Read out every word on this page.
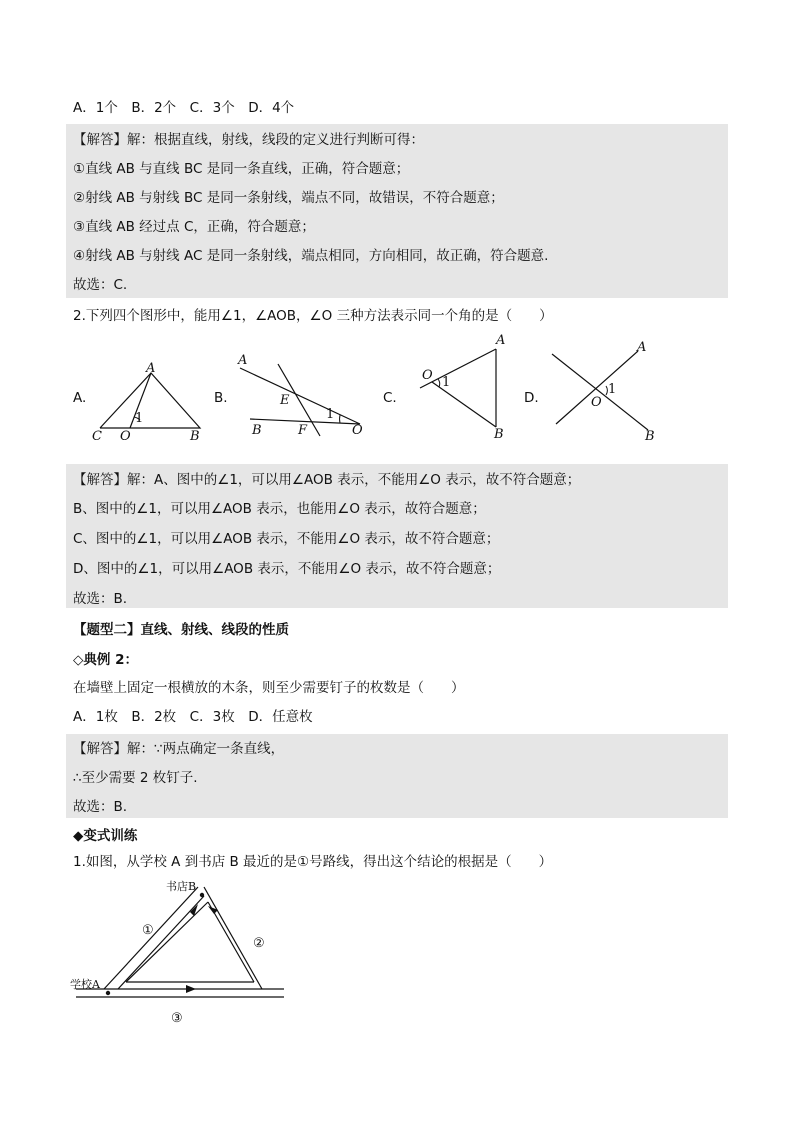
A．1个　B．2个　C．3个　D．4个
【解答】解：根据直线，射线，线段的定义进行判断可得：
①直线 AB 与直线 BC 是同一条直线，正确，符合题意；
②射线 AB 与射线 BC 是同一条射线，端点不同，故错误，不符合题意；
③直线 AB 经过点 C，正确，符合题意；
④射线 AB 与射线 AC 是同一条射线，端点相同，方向相同，故正确，符合题意.
故选：C.
2.下列四个图形中，能用∠1，∠AOB，∠O 三种方法表示同一个角的是（　　）
A.
A
C O	B
1
B.
A
E
B	F	O
1
C.
O
A
B
1
D.
A
O
B
1
【解答】解：A、图中的∠1，可以用∠AOB 表示，不能用∠O 表示，故不符合题意；
B、图中的∠1，可以用∠AOB 表示，也能用∠O 表示，故符合题意；
C、图中的∠1，可以用∠AOB 表示，不能用∠O 表示，故不符合题意；
D、图中的∠1，可以用∠AOB 表示，不能用∠O 表示，故不符合题意；
故选：B.
【题型二】直线、射线、线段的性质
◇典例 2：
在墙壁上固定一根横放的木条，则至少需要钉子的枚数是（　　）
A．1枚　B．2枚　C．3枚　D．任意枚
【解答】解：∵两点确定一条直线，
∴至少需要 2 枚钉子.
故选：B.
◆变式训练
1.如图，从学校 A 到书店 B 最近的是①号路线，得出这个结论的根据是（　　）
书店B
学校A
①
②
③
